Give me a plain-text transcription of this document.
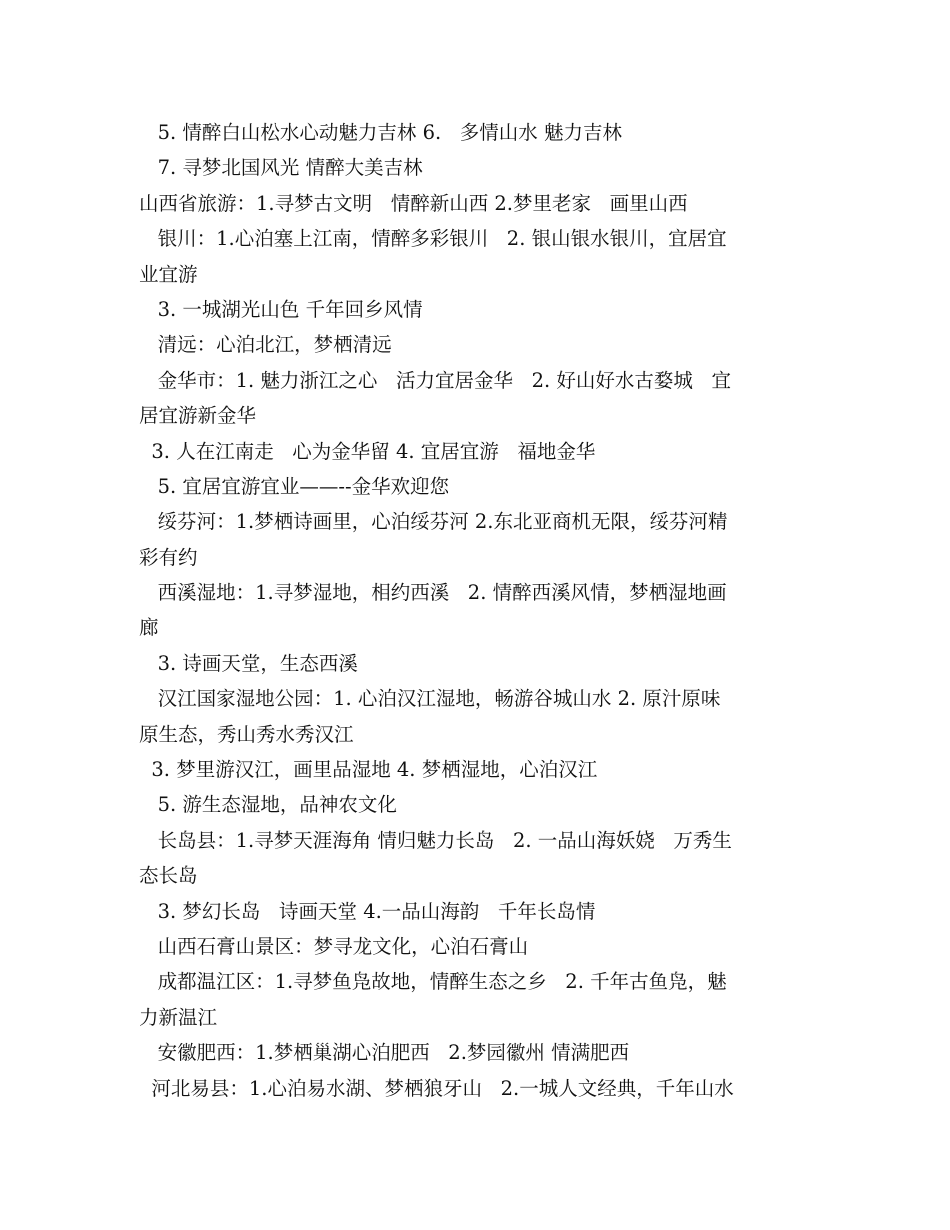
5. 情醉白山松水心动魅力吉林 6.   多情山水 魅力吉林
7. 寻梦北国风光 情醉大美吉林
山西省旅游：1.寻梦古文明   情醉新山西 2.梦里老家   画里山西
银川：1.心泊塞上江南，情醉多彩银川   2. 银山银水银川，宜居宜
业宜游
3. 一城湖光山色 千年回乡风情
清远：心泊北江，梦栖清远
金华市：1. 魅力浙江之心   活力宜居金华   2. 好山好水古婺城   宜
居宜游新金华
3. 人在江南走   心为金华留 4. 宜居宜游   福地金华
5. 宜居宜游宜业——--金华欢迎您
绥芬河：1.梦栖诗画里，心泊绥芬河 2.东北亚商机无限，绥芬河精
彩有约
西溪湿地：1.寻梦湿地，相约西溪   2. 情醉西溪风情，梦栖湿地画
廊
3. 诗画天堂，生态西溪
汉江国家湿地公园：1. 心泊汉江湿地，畅游谷城山水 2. 原汁原味
原生态，秀山秀水秀汉江
3. 梦里游汉江，画里品湿地 4. 梦栖湿地，心泊汉江
5. 游生态湿地，品神农文化
长岛县：1.寻梦天涯海角 情归魅力长岛   2. 一品山海妖娆   万秀生
态长岛
3. 梦幻长岛   诗画天堂 4.一品山海韵   千年长岛情
山西石膏山景区：梦寻龙文化，心泊石膏山
成都温江区：1.寻梦鱼凫故地，情醉生态之乡   2. 千年古鱼凫，魅
力新温江
安徽肥西：1.梦栖巢湖心泊肥西   2.梦园徽州 情满肥西
河北易县：1.心泊易水湖、梦栖狼牙山   2.一城人文经典，千年山水
